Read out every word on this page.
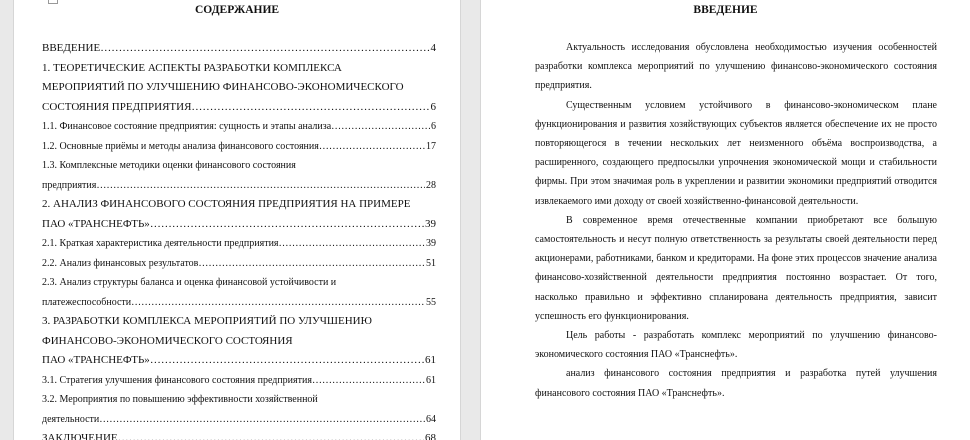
СОДЕРЖАНИЕ
ВВЕДЕНИЕ ……………………………………………………………………………………………………………………………………………………………………………………	4
1. ТЕОРЕТИЧЕСКИЕ АСПЕКТЫ РАЗРАБОТКИ КОМПЛЕКСА
МЕРОПРИЯТИЙ ПО УЛУЧШЕНИЮ ФИНАНСОВО-ЭКОНОМИЧЕСКОГО
СОСТОЯНИЯ ПРЕДПРИЯТИЯ ……………………………………………………………………………………………………………………………………………………………………………………	6
1.1. Финансовое состояние предприятия: сущность и этапы анализа ……………………………………………………………………………………………………………………………………………………………………………………	6
1.2. Основные приёмы и методы анализа финансового состояния ……………………………………………………………………………………………………………………………………………………………………………………	17
1.3. Комплексные методики оценки финансового состояния
предприятия ……………………………………………………………………………………………………………………………………………………………………………………	28
2. АНАЛИЗ ФИНАНСОВОГО СОСТОЯНИЯ ПРЕДПРИЯТИЯ НА ПРИМЕРЕ
ПАО «ТРАНСНЕФТЬ» ……………………………………………………………………………………………………………………………………………………………………………………	39
2.1. Краткая характеристика деятельности предприятия ……………………………………………………………………………………………………………………………………………………………………………………	39
2.2. Анализ финансовых результатов ……………………………………………………………………………………………………………………………………………………………………………………	51
2.3. Анализ структуры баланса и оценка финансовой устойчивости и
платежеспособности ……………………………………………………………………………………………………………………………………………………………………………………	55
3. РАЗРАБОТКИ КОМПЛЕКСА МЕРОПРИЯТИЙ ПО УЛУЧШЕНИЮ
ФИНАНСОВО-ЭКОНОМИЧЕСКОГО СОСТОЯНИЯ
ПАО «ТРАНСНЕФТЬ» ……………………………………………………………………………………………………………………………………………………………………………………	61
3.1. Стратегия улучшения финансового состояния предприятия ……………………………………………………………………………………………………………………………………………………………………………………	61
3.2. Мероприятия по повышению эффективности хозяйственной
деятельности ……………………………………………………………………………………………………………………………………………………………………………………	64
ЗАКЛЮЧЕНИЕ ……………………………………………………………………………………………………………………………………………………………………………………	68
ВВЕДЕНИЕ

Актуальность исследования обусловлена необходимостью изучения особенностей разработки комплекса мероприятий по улучшению финансово-экономического состояния предприятия.

Существенным условием устойчивого в финансово-экономическом плане функционирования и развития хозяйствующих субъектов является обеспечение их не просто повторяющегося в течении нескольких лет неизменного объёма воспроизводства, а расширенного, создающего предпосылки упрочнения экономической мощи и стабильности фирмы. При этом значимая роль в укреплении и развитии экономики предприятий отводится извлекаемого ими доходу от своей хозяйственно-финансовой деятельности.

В современное время отечественные компании приобретают все большую самостоятельность и несут полную ответственность за результаты своей деятельности перед акционерами, работниками, банком и кредиторами. На фоне этих процессов значение анализа финансово-хозяйственной деятельности предприятия постоянно возрастает. От того, насколько правильно и эффективно спланирована деятельность предприятия, зависит успешность его функционирования.

Цель работы - разработать комплекс мероприятий по улучшению финансово-экономического состояния ПАО «Транснефть».

анализ финансового состояния предприятия и разработка путей улучшения финансового состояния ПАО «Транснефть».
